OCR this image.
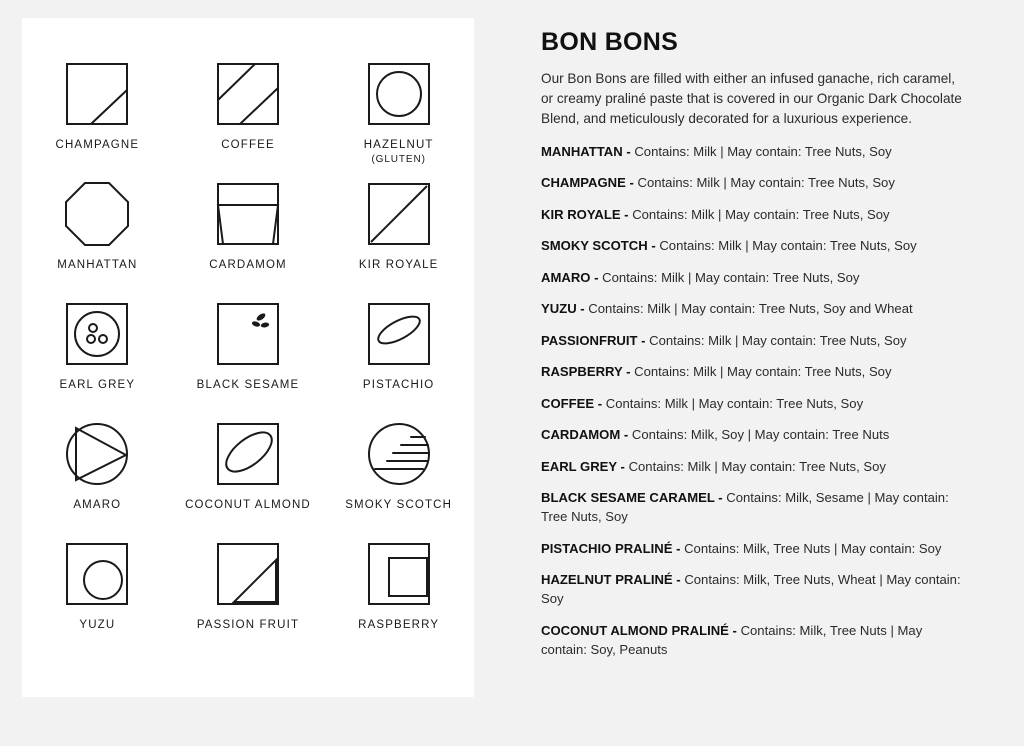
CHAMPAGNE	COFFEE	HAZELNUT
(GLUTEN)
MANHATTAN	CARDAMOM	KIR ROYALE
EARL GREY	BLACK SESAME	PISTACHIO
AMARO	COCONUT ALMOND	SMOKY SCOTCH
YUZU	PASSION FRUIT	RASPBERRY
BON BONS

Our Bon Bons are filled with either an infused ganache, rich caramel, or creamy praliné paste that is covered in our Organic Dark Chocolate Blend, and meticulously decorated for a luxurious experience.

MANHATTAN - Contains: Milk | May contain: Tree Nuts, Soy
CHAMPAGNE - Contains: Milk | May contain: Tree Nuts, Soy
KIR ROYALE - Contains: Milk | May contain: Tree Nuts, Soy
SMOKY SCOTCH - Contains: Milk | May contain: Tree Nuts, Soy
AMARO - Contains: Milk | May contain: Tree Nuts, Soy
YUZU - Contains: Milk | May contain: Tree Nuts, Soy and Wheat
PASSIONFRUIT - Contains: Milk | May contain: Tree Nuts, Soy
RASPBERRY - Contains: Milk | May contain: Tree Nuts, Soy
COFFEE - Contains: Milk | May contain: Tree Nuts, Soy
CARDAMOM - Contains: Milk, Soy | May contain: Tree Nuts
EARL GREY - Contains: Milk | May contain: Tree Nuts, Soy
BLACK SESAME CARAMEL - Contains: Milk, Sesame | May contain: Tree Nuts, Soy
PISTACHIO PRALINÉ - Contains: Milk, Tree Nuts | May contain: Soy
HAZELNUT PRALINÉ - Contains: Milk, Tree Nuts, Wheat | May contain: Soy
COCONUT ALMOND PRALINÉ - Contains: Milk, Tree Nuts | May contain: Soy, Peanuts
